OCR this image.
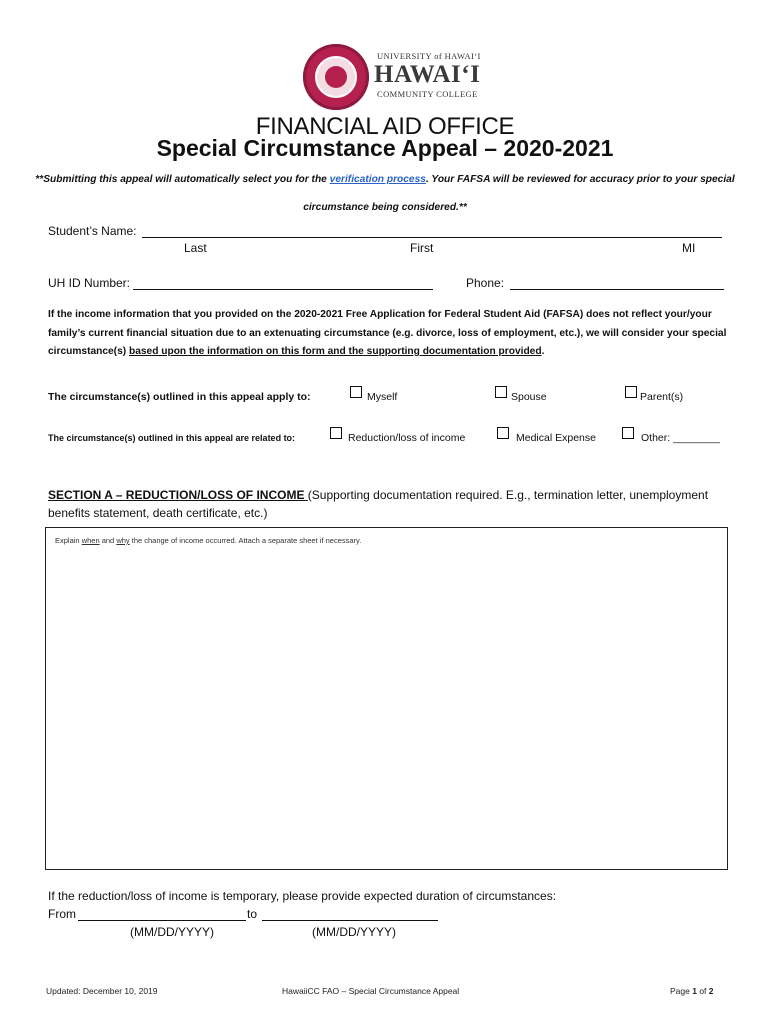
UNIVERSITY of HAWAI‘I
HAWAI‘I
COMMUNITY COLLEGE
FINANCIAL AID OFFICE
Special Circumstance Appeal – 2020-2021
**Submitting this appeal will automatically select you for the verification process. Your FAFSA will be reviewed for accuracy prior to your special circumstance being considered.**
Student’s Name:
Last	First	MI
UH ID Number:	Phone:
If the income information that you provided on the 2020-2021 Free Application for Federal Student Aid (FAFSA) does not reflect your/your family’s current financial situation due to an extenuating circumstance (e.g. divorce, loss of employment, etc.), we will consider your special circumstance(s) based upon the information on this form and the supporting documentation provided.
The circumstance(s) outlined in this appeal apply to:	Myself	Spouse	Parent(s)
The circumstance(s) outlined in this appeal are related to:	Reduction/loss of income	Medical Expense	Other: ________
SECTION A – REDUCTION/LOSS OF INCOME (Supporting documentation required. E.g., termination letter, unemployment benefits statement, death certificate, etc.)
Explain when and why the change of income occurred. Attach a separate sheet if necessary.
If the reduction/loss of income is temporary, please provide expected duration of circumstances:
From	to
(MM/DD/YYYY)	(MM/DD/YYYY)
Updated: December 10, 2019	HawaiiCC FAO – Special Circumstance Appeal	Page 1 of 2
